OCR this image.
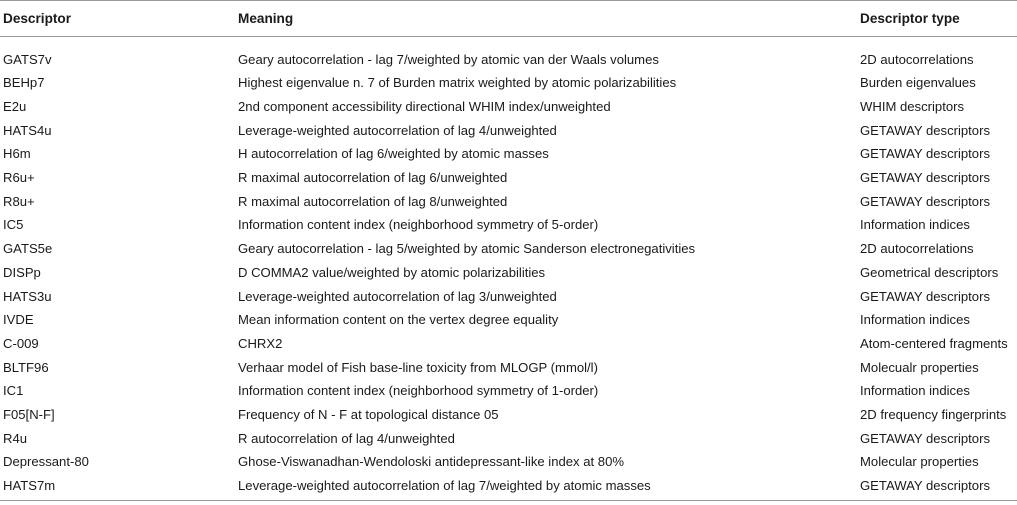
Descriptor	Meaning	Descriptor type
GATS7v	Geary autocorrelation - lag 7/weighted by atomic van der Waals volumes	2D autocorrelations
BEHp7	Highest eigenvalue n. 7 of Burden matrix weighted by atomic polarizabilities	Burden eigenvalues
E2u	2nd component accessibility directional WHIM index/unweighted	WHIM descriptors
HATS4u	Leverage-weighted autocorrelation of lag 4/unweighted	GETAWAY descriptors
H6m	H autocorrelation of lag 6/weighted by atomic masses	GETAWAY descriptors
R6u+	R maximal autocorrelation of lag 6/unweighted	GETAWAY descriptors
R8u+	R maximal autocorrelation of lag 8/unweighted	GETAWAY descriptors
IC5	Information content index (neighborhood symmetry of 5-order)	Information indices
GATS5e	Geary autocorrelation - lag 5/weighted by atomic Sanderson electronegativities	2D autocorrelations
DISPp	D COMMA2 value/weighted by atomic polarizabilities	Geometrical descriptors
HATS3u	Leverage-weighted autocorrelation of lag 3/unweighted	GETAWAY descriptors
IVDE	Mean information content on the vertex degree equality	Information indices
C-009	CHRX2	Atom-centered fragments
BLTF96	Verhaar model of Fish base-line toxicity from MLOGP (mmol/l)	Molecualr properties
IC1	Information content index (neighborhood symmetry of 1-order)	Information indices
F05[N-F]	Frequency of N - F at topological distance 05	2D frequency fingerprints
R4u	R autocorrelation of lag 4/unweighted	GETAWAY descriptors
Depressant-80	Ghose-Viswanadhan-Wendoloski antidepressant-like index at 80%	Molecular properties
HATS7m	Leverage-weighted autocorrelation of lag 7/weighted by atomic masses	GETAWAY descriptors
